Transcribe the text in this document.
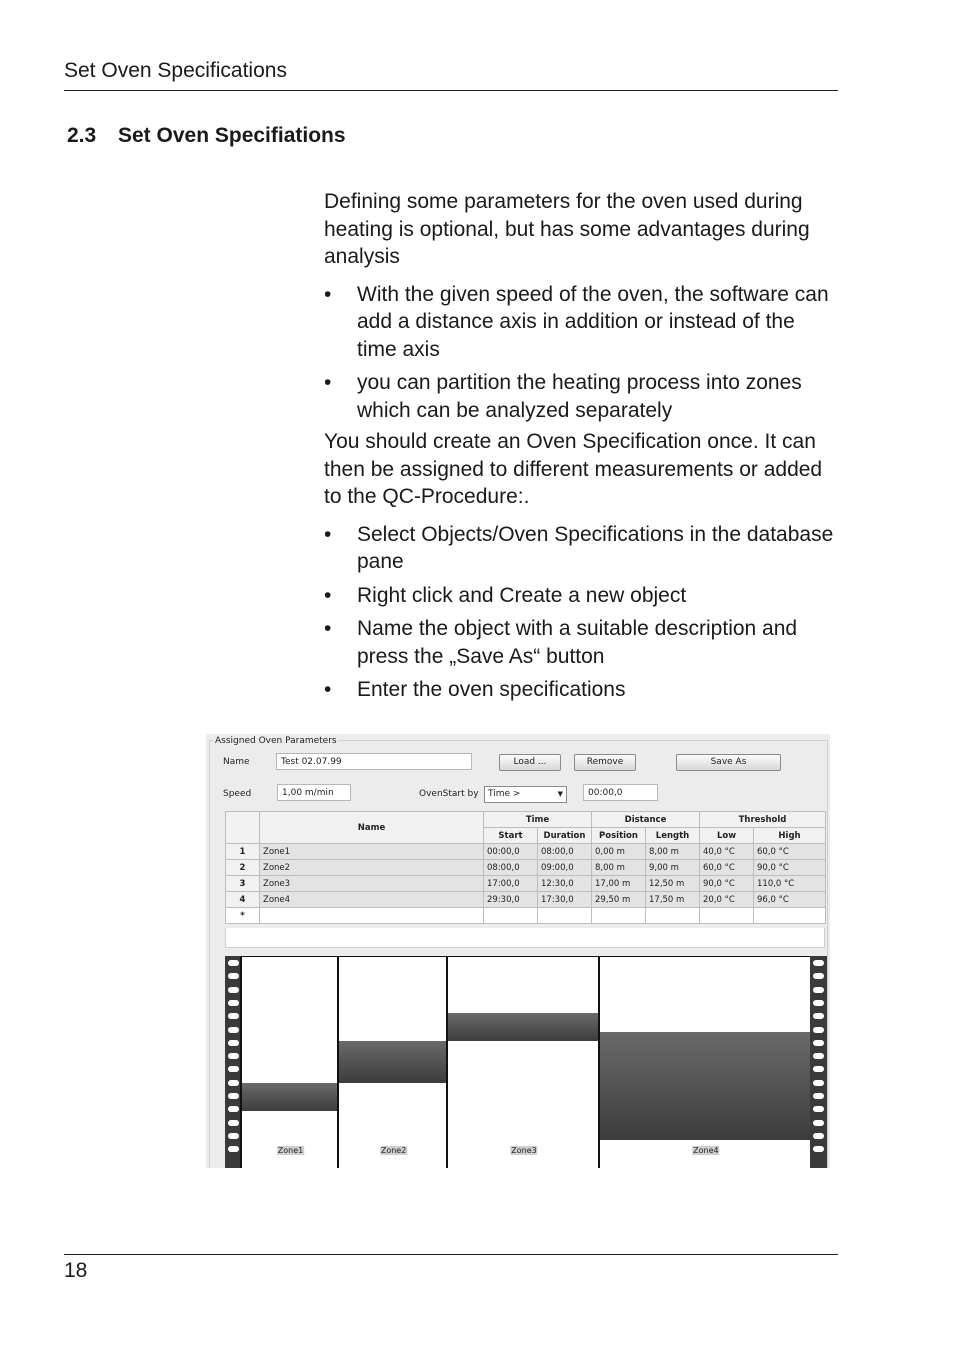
Set Oven Specifications
2.3 Set Oven Specifiations

Defining some parameters for the oven used during heating is optional, but has some advantages during analysis

• With the given speed of the oven, the software can add a distance axis in addition or instead of the time axis
• you can partition the heating process into zones which can be analyzed separately

You should create an Oven Specification once. It can then be assigned to different measurements or added to the QC-Procedure:.

• Select Objects/Oven Specifications in the database pane
• Right click and Create a new object
• Name the object with a suitable description and press the „Save As“ button
• Enter the oven specifications
Assigned Oven Parameters
Name	Test 02.07.99	Load ...	Remove	Save As
Speed	1,00 m/min	OvenStart by	Time >	▼	00:00,0
	Name	Time		Distance		Threshold	
		Start	Duration	Position	Length	Low	High
1	Zone1	00:00,0	08:00,0	0,00 m	8,00 m	40,0 °C	60,0 °C
2	Zone2	08:00,0	09:00,0	8,00 m	9,00 m	60,0 °C	90,0 °C
3	Zone3	17:00,0	12:30,0	17,00 m	12,50 m	90,0 °C	110,0 °C
4	Zone4	29:30,0	17:30,0	29,50 m	17,50 m	20,0 °C	96,0 °C
*							
Zone1	Zone2	Zone3	Zone4
18
